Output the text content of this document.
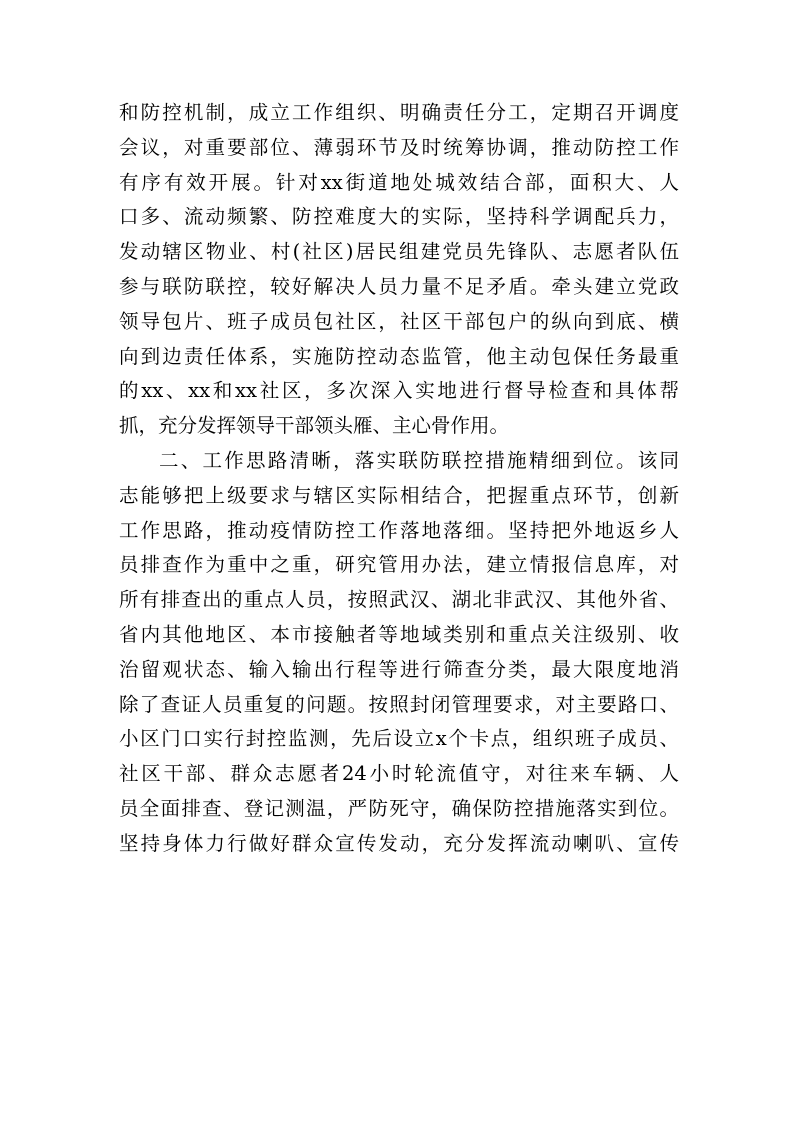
和防控机制，成立工作组织、明确责任分工，定期召开调度
会议，对重要部位、薄弱环节及时统筹协调，推动防控工作
有序有效开展。针对xx街道地处城效结合部，面积大、人
口多、流动频繁、防控难度大的实际，坚持科学调配兵力，
发动辖区物业、村(社区)居民组建党员先锋队、志愿者队伍
参与联防联控，较好解决人员力量不足矛盾。牵头建立党政
领导包片、班子成员包社区，社区干部包户的纵向到底、横
向到边责任体系，实施防控动态监管，他主动包保任务最重
的xx、xx和xx社区，多次深入实地进行督导检查和具体帮
抓，充分发挥领导干部领头雁、主心骨作用。
二、工作思路清晰，落实联防联控措施精细到位。该同
志能够把上级要求与辖区实际相结合，把握重点环节，创新
工作思路，推动疫情防控工作落地落细。坚持把外地返乡人
员排查作为重中之重，研究管用办法，建立情报信息库，对
所有排查出的重点人员，按照武汉、湖北非武汉、其他外省、
省内其他地区、本市接触者等地域类别和重点关注级别、收
治留观状态、输入输出行程等进行筛查分类，最大限度地消
除了查证人员重复的问题。按照封闭管理要求，对主要路口、
小区门口实行封控监测，先后设立x个卡点，组织班子成员、
社区干部、群众志愿者24小时轮流值守，对往来车辆、人
员全面排查、登记测温，严防死守，确保防控措施落实到位。
坚持身体力行做好群众宣传发动，充分发挥流动喇叭、宣传
